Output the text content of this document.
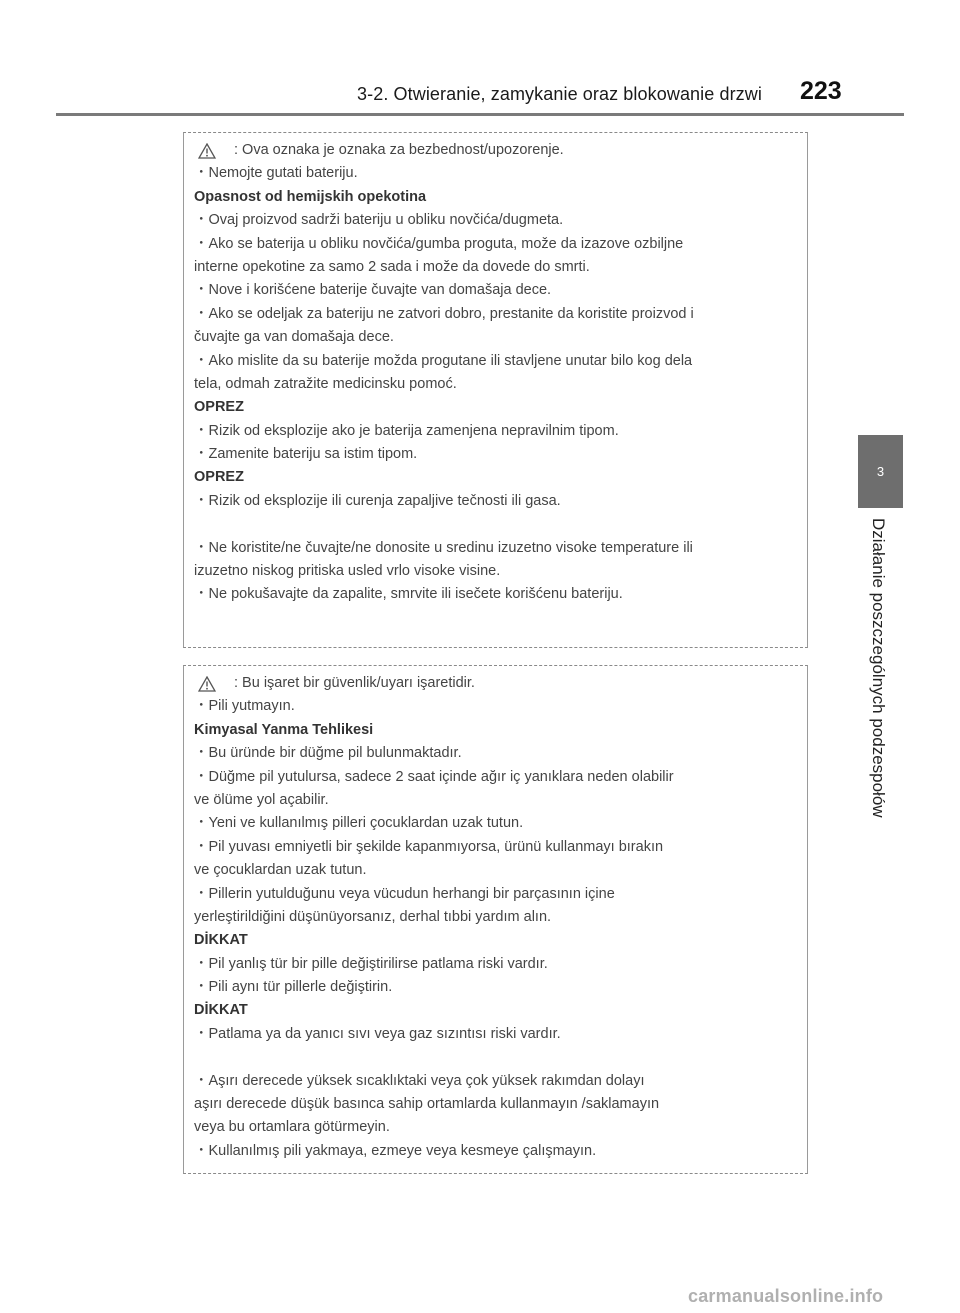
3-2. Otwieranie, zamykanie oraz blokowanie drzwi 223
3
Działanie poszczególnych podzespołów
: Ova oznaka je oznaka za bezbednost/upozorenje.
・Nemojte gutati bateriju.
Opasnost od hemijskih opekotina
・Ovaj proizvod sadrži bateriju u obliku novčića/dugmeta.
・Ako se baterija u obliku novčića/gumba proguta, može da izazove ozbiljne
interne opekotine za samo 2 sada i može da dovede do smrti.
・Nove i korišćene baterije čuvajte van domašaja dece.
・Ako se odeljak za bateriju ne zatvori dobro, prestanite da koristite proizvod i
čuvajte ga van domašaja dece.
・Ako mislite da su baterije možda progutane ili stavljene unutar bilo kog dela
tela, odmah zatražite medicinsku pomoć.
OPREZ
・Rizik od eksplozije ako je baterija zamenjena nepravilnim tipom.
・Zamenite bateriju sa istim tipom.
OPREZ
・Rizik od eksplozije ili curenja zapaljive tečnosti ili gasa.
・Ne koristite/ne čuvajte/ne donosite u sredinu izuzetno visoke temperature ili
izuzetno niskog pritiska usled vrlo visoke visine.
・Ne pokušavajte da zapalite, smrvite ili isečete korišćenu bateriju.
: Bu işaret bir güvenlik/uyarı işaretidir.
・Pili yutmayın.
Kimyasal Yanma Tehlikesi
・Bu üründe bir düğme pil bulunmaktadır.
・Düğme pil yutulursa, sadece 2 saat içinde ağır iç yanıklara neden olabilir
ve ölüme yol açabilir.
・Yeni ve kullanılmış pilleri çocuklardan uzak tutun.
・Pil yuvası emniyetli bir şekilde kapanmıyorsa, ürünü kullanmayı bırakın
ve çocuklardan uzak tutun.
・Pillerin yutulduğunu veya vücudun herhangi bir parçasının içine
yerleştirildiğini düşünüyorsanız, derhal tıbbi yardım alın.
DİKKAT
・Pil yanlış tür bir pille değiştirilirse patlama riski vardır.
・Pili aynı tür pillerle değiştirin.
DİKKAT
・Patlama ya da yanıcı sıvı veya gaz sızıntısı riski vardır.
・Aşırı derecede yüksek sıcaklıktaki veya çok yüksek rakımdan dolayı
aşırı derecede düşük basınca sahip ortamlarda kullanmayın /saklamayın
veya bu ortamlara götürmeyin.
・Kullanılmış pili yakmaya, ezmeye veya kesmeye çalışmayın.
carmanualsonline.info
